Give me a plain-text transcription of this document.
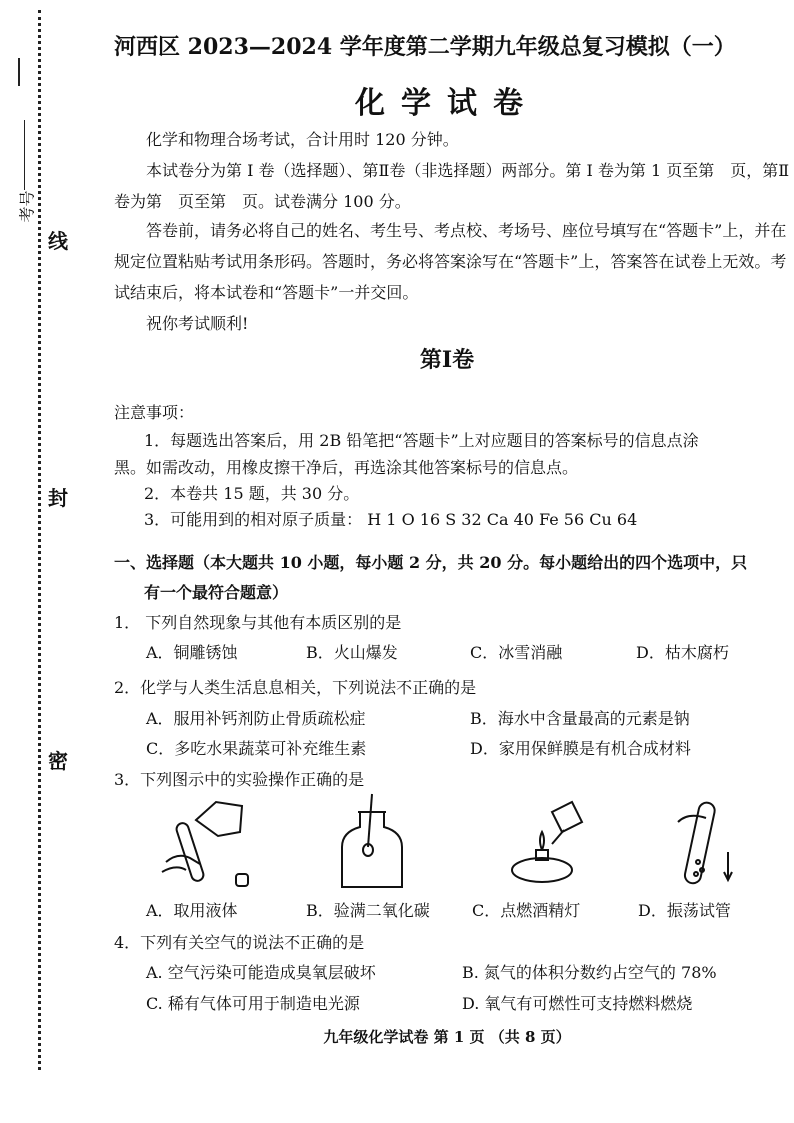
考号
线
封
密
河西区 2023—2024 学年度第二学期九年级总复习模拟（一）
化学试卷

化学和物理合场考试，合计用时 120 分钟。

本试卷分为第 Ⅰ 卷（选择题）、第Ⅱ卷（非选择题）两部分。第 Ⅰ 卷为第 1 页至第　页，第Ⅱ卷为第　页至第　页。试卷满分 100 分。

答卷前，请务必将自己的姓名、考生号、考点校、考场号、座位号填写在“答题卡”上，并在规定位置粘贴考试用条形码。答题时，务必将答案涂写在“答题卡”上，答案答在试卷上无效。考试结束后，将本试卷和“答题卡”一并交回。

祝你考试顺利!

第Ⅰ卷
注意事项：
1．每题选出答案后，用 2B 铅笔把“答题卡”上对应题目的答案标号的信息点涂
黑。如需改动，用橡皮擦干净后，再选涂其他答案标号的信息点。
2．本卷共 15 题，共 30 分。
3．可能用到的相对原子质量： H 1 O 16 S 32 Ca 40 Fe 56 Cu 64
一、选择题（本大题共 10 小题，每小题 2 分，共 20 分。每小题给出的四个选项中，只
有一个最符合题意）
1． 下列自然现象与其他有本质区别的是
A．铜雕锈蚀	B．火山爆发	C．冰雪消融	D．枯木腐朽
2．化学与人类生活息息相关，下列说法不正确的是
A．服用补钙剂防止骨质疏松症	B．海水中含量最高的元素是钠
C．多吃水果蔬菜可补充维生素	D．家用保鲜膜是有机合成材料
3．下列图示中的实验操作正确的是
A．取用液体	B．验满二氧化碳	C．点燃酒精灯	D．振荡试管
4．下列有关空气的说法不正确的是
A. 空气污染可能造成臭氧层破坏	B. 氮气的体积分数约占空气的 78%
C. 稀有气体可用于制造电光源	D. 氧气有可燃性可支持燃料燃烧
九年级化学试卷 第 1 页 （共 8 页）
